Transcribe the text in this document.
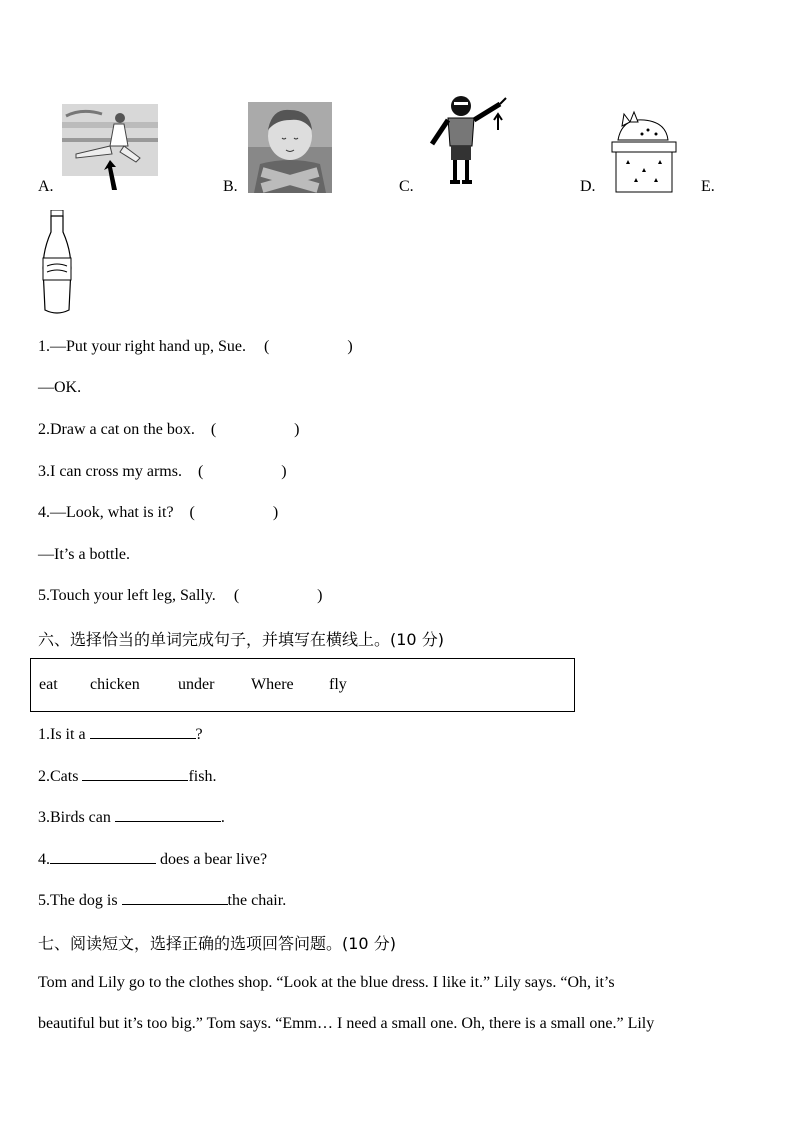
A.	B.	C.	D.	E.
1.—Put your right hand up, Sue. (	)
—OK.
2.Draw a cat on the box. (	)
3.I can cross my arms. (	)
4.—Look, what is it? (	)
—It’s a bottle.
5.Touch your left leg, Sally. (	)
六、选择恰当的单词完成句子，并填写在横线上。(10 分)
eat chicken under Where fly
1.Is it a	?
2.Cats	fish.
3.Birds can	.
4.	does a bear live?
5.The dog is	the chair.
七、阅读短文，选择正确的选项回答问题。(10 分)
Tom and Lily go to the clothes shop. “Look at the blue dress. I like it.” Lily says. “Oh, it’s
beautiful but it’s too big.” Tom says. “Emm… I need a small one. Oh, there is a small one.” Lily
